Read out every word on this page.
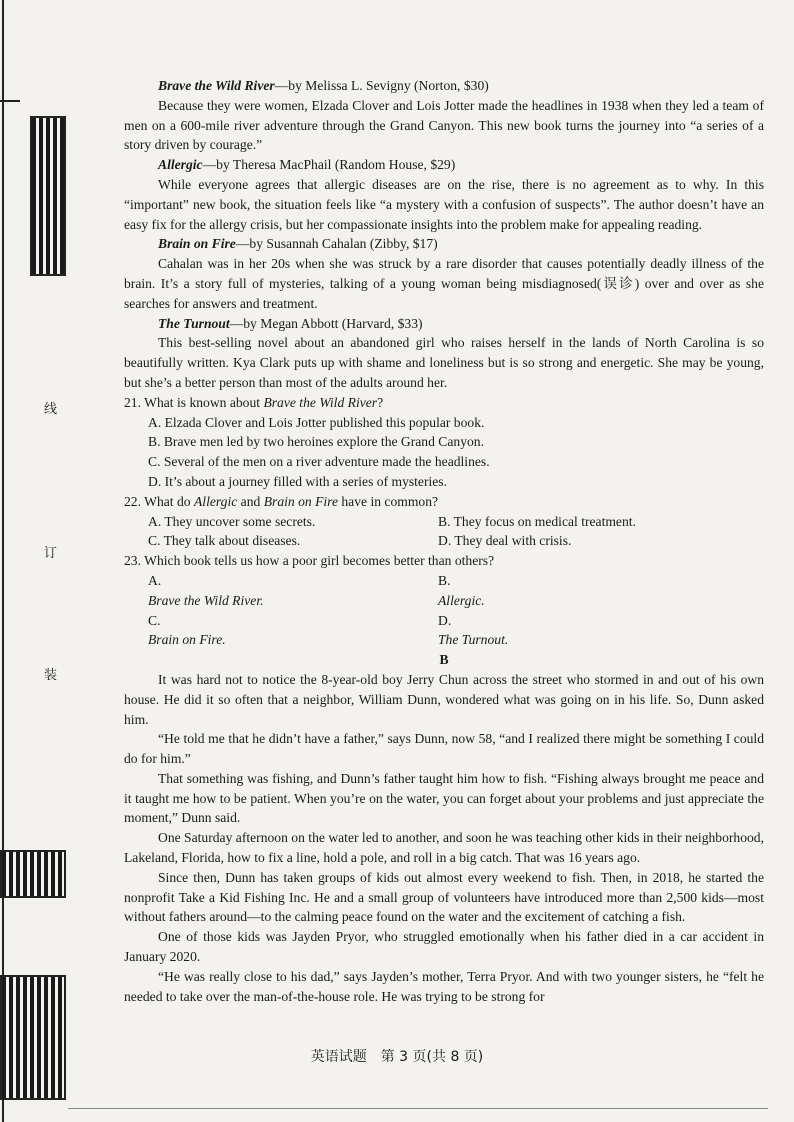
线
订
装

Brave the Wild River—by Melissa L. Sevigny (Norton, $30)

Because they were women, Elzada Clover and Lois Jotter made the headlines in 1938 when they led a team of men on a 600-mile river adventure through the Grand Canyon. This new book turns the journey into “a series of a story driven by courage.”

Allergic—by Theresa MacPhail (Random House, $29)

While everyone agrees that allergic diseases are on the rise, there is no agreement as to why. In this “important” new book, the situation feels like “a mystery with a confusion of suspects”. The author doesn’t have an easy fix for the allergy crisis, but her compassionate insights into the problem make for appealing reading.

Brain on Fire—by Susannah Cahalan (Zibby, $17)

Cahalan was in her 20s when she was struck by a rare disorder that causes potentially deadly illness of the brain. It’s a story full of mysteries, talking of a young woman being misdiagnosed(误诊) over and over as she searches for answers and treatment.

The Turnout—by Megan Abbott (Harvard, $33)

This best-selling novel about an abandoned girl who raises herself in the lands of North Carolina is so beautifully written. Kya Clark puts up with shame and loneliness but is so strong and energetic. She may be young, but she’s a better person than most of the adults around her.

21. What is known about Brave the Wild River?

A. Elzada Clover and Lois Jotter published this popular book.

B. Brave men led by two heroines explore the Grand Canyon.

C. Several of the men on a river adventure made the headlines.

D. It’s about a journey filled with a series of mysteries.

22. What do Allergic and Brain on Fire have in common?

A. They uncover some secrets.	B. They focus on medical treatment.
C. They talk about diseases.	D. They deal with crisis.

23. Which book tells us how a poor girl becomes better than others?

A.
Brave the Wild River.
B.
Allergic.
C.
Brain on Fire.
D.
The Turnout.

B

It was hard not to notice the 8-year-old boy Jerry Chun across the street who stormed in and out of his own house. He did it so often that a neighbor, William Dunn, wondered what was going on in his life. So, Dunn asked him.

“He told me that he didn’t have a father,” says Dunn, now 58, “and I realized there might be something I could do for him.”

That something was fishing, and Dunn’s father taught him how to fish. “Fishing always brought me peace and it taught me how to be patient. When you’re on the water, you can forget about your problems and just appreciate the moment,” Dunn said.

One Saturday afternoon on the water led to another, and soon he was teaching other kids in their neighborhood, Lakeland, Florida, how to fix a line, hold a pole, and roll in a big catch. That was 16 years ago.

Since then, Dunn has taken groups of kids out almost every weekend to fish. Then, in 2018, he started the nonprofit Take a Kid Fishing Inc. He and a small group of volunteers have introduced more than 2,500 kids—most without fathers around—to the calming peace found on the water and the excitement of catching a fish.

One of those kids was Jayden Pryor, who struggled emotionally when his father died in a car accident in January 2020.

“He was really close to his dad,” says Jayden’s mother, Terra Pryor. And with two younger sisters, he “felt he needed to take over the man-of-the-house role. He was trying to be strong for

英语试题　第 3 页(共 8 页)
